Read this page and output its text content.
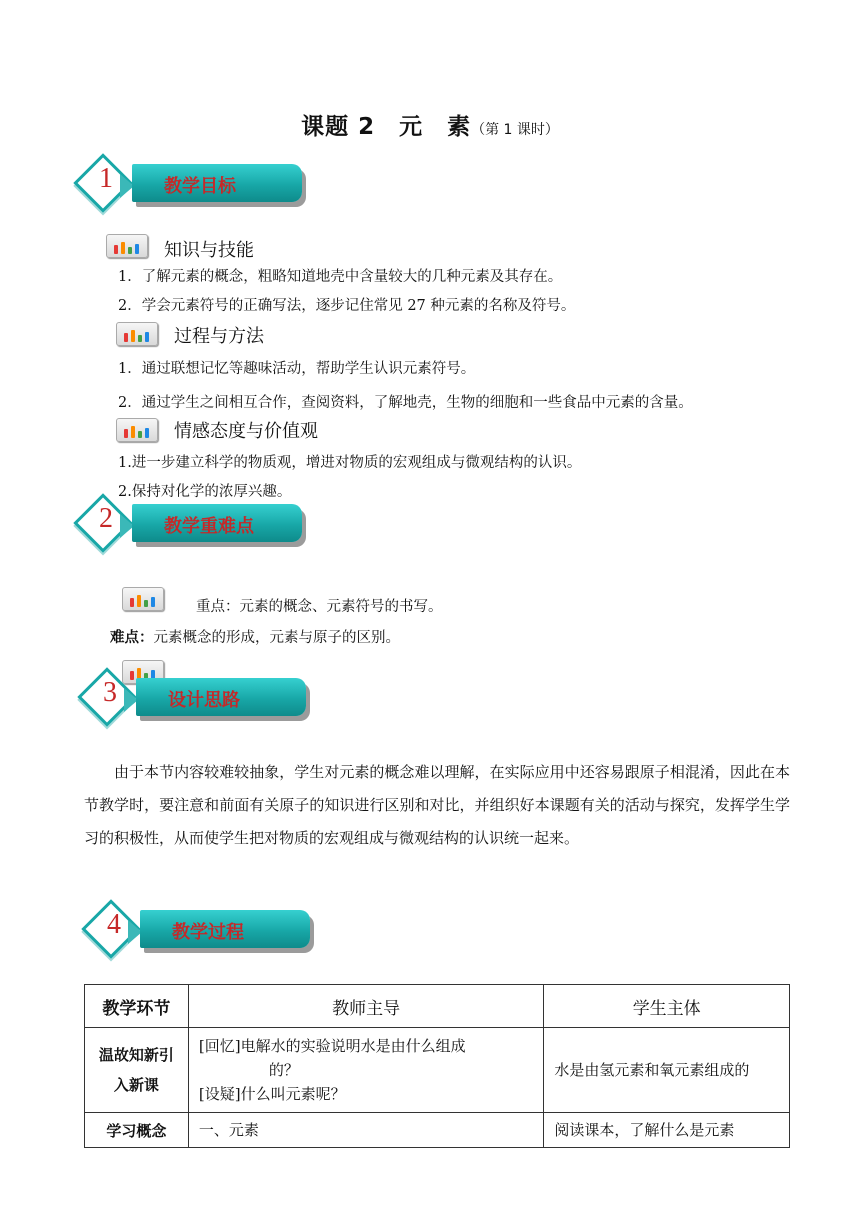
课题 2　元　素（第 1 课时）
1	教学目标
知识与技能
1．了解元素的概念，粗略知道地壳中含量较大的几种元素及其存在。
2．学会元素符号的正确写法，逐步记住常见 27 种元素的名称及符号。
过程与方法
1．通过联想记忆等趣味活动，帮助学生认识元素符号。
2．通过学生之间相互合作，查阅资料，了解地壳，生物的细胞和一些食品中元素的含量。
情感态度与价值观
1.进一步建立科学的物质观，增进对物质的宏观组成与微观结构的认识。
2.保持对化学的浓厚兴趣。
2	教学重难点
重点：元素的概念、元素符号的书写。
难点：元素概念的形成，元素与原子的区别。
3	设计思路
由于本节内容较难较抽象，学生对元素的概念难以理解，在实际应用中还容易跟原子相混淆，因此在本节教学时，要注意和前面有关原子的知识进行区别和对比，并组织好本课题有关的活动与探究，发挥学生学习的积极性，从而使学生把对物质的宏观组成与微观结构的认识统一起来。
4	教学过程
教学环节	教师主导	学生主体
温故知新引入新课	[回忆]电解水的实验说明水是由什么组成
的？
[设疑]什么叫元素呢？	水是由氢元素和氧元素组成的
学习概念	一、元素	阅读课本，了解什么是元素
